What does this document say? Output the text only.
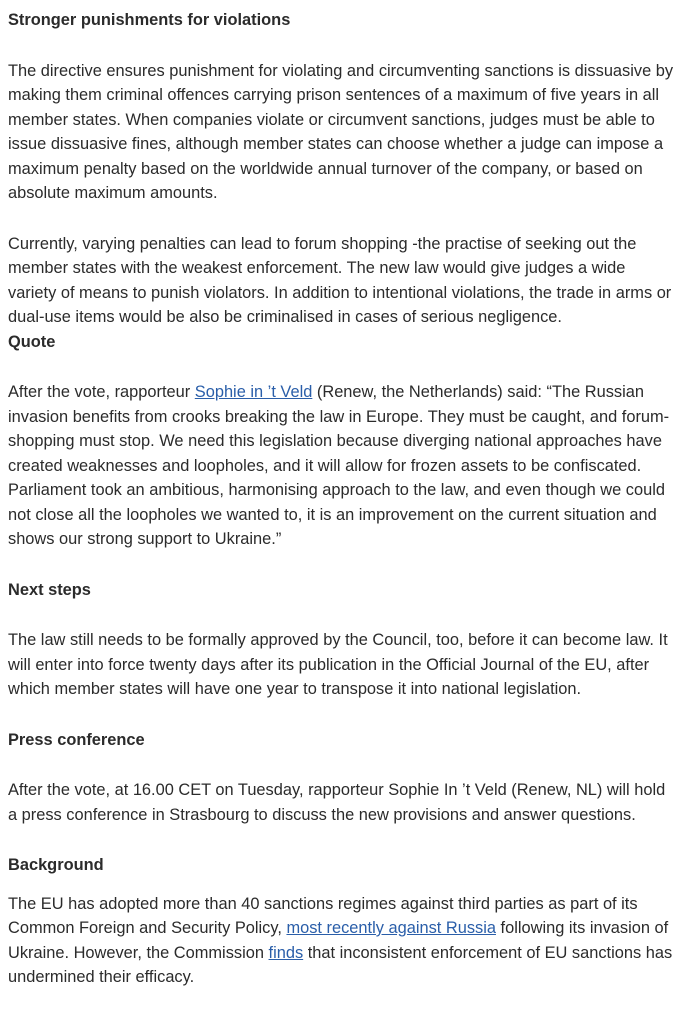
Stronger punishments for violations

The directive ensures punishment for violating and circumventing sanctions is dissuasive by making them criminal offences carrying prison sentences of a maximum of five years in all member states. When companies violate or circumvent sanctions, judges must be able to issue dissuasive fines, although member states can choose whether a judge can impose a maximum penalty based on the worldwide annual turnover of the company, or based on absolute maximum amounts.

Currently, varying penalties can lead to forum shopping -the practise of seeking out the member states with the weakest enforcement. The new law would give judges a wide variety of means to punish violators. In addition to intentional violations, the trade in arms or dual-use items would be also be criminalised in cases of serious negligence.

Quote

After the vote, rapporteur Sophie in ’t Veld (Renew, the Netherlands) said: “The Russian invasion benefits from crooks breaking the law in Europe. They must be caught, and forum-shopping must stop. We need this legislation because diverging national approaches have created weaknesses and loopholes, and it will allow for frozen assets to be confiscated. Parliament took an ambitious, harmonising approach to the law, and even though we could not close all the loopholes we wanted to, it is an improvement on the current situation and shows our strong support to Ukraine.”

Next steps

The law still needs to be formally approved by the Council, too, before it can become law. It will enter into force twenty days after its publication in the Official Journal of the EU, after which member states will have one year to transpose it into national legislation.

Press conference

After the vote, at 16.00 CET on Tuesday, rapporteur Sophie In ’t Veld (Renew, NL) will hold a press conference in Strasbourg to discuss the new provisions and answer questions.

Background

The EU has adopted more than 40 sanctions regimes against third parties as part of its Common Foreign and Security Policy, most recently against Russia following its invasion of Ukraine. However, the Commission finds that inconsistent enforcement of EU sanctions has undermined their efficacy.
